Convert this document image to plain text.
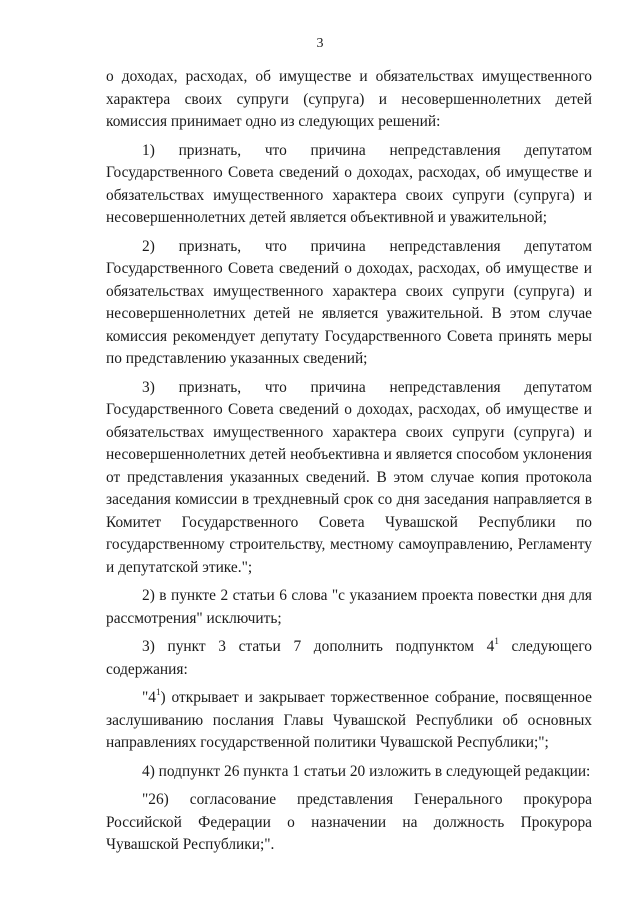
3

о доходах, расходах, об имуществе и обязательствах имущественного характера своих супруги (супруга) и несовершеннолетних детей комиссия принимает одно из следующих решений:

1) признать, что причина непредставления депутатом Государственного Совета сведений о доходах, расходах, об имуществе и обязательствах имущественного характера своих супруги (супруга) и несовершеннолетних детей является объективной и уважительной;

2) признать, что причина непредставления депутатом Государственного Совета сведений о доходах, расходах, об имуществе и обязательствах имущественного характера своих супруги (супруга) и несовершеннолетних детей не является уважительной. В этом случае комиссия рекомендует депутату Государственного Совета принять меры по представлению указанных сведений;

3) признать, что причина непредставления депутатом Государственного Совета сведений о доходах, расходах, об имуществе и обязательствах имущественного характера своих супруги (супруга) и несовершеннолетних детей необъективна и является способом уклонения от представления указанных сведений. В этом случае копия протокола заседания комиссии в трехдневный срок со дня заседания направляется в Комитет Государственного Совета Чувашской Республики по государственному строительству, местному самоуправлению, Регламенту и депутатской этике.";

2) в пункте 2 статьи 6 слова "с указанием проекта повестки дня для рассмотрения" исключить;

3) пункт 3 статьи 7 дополнить подпунктом $4^1$ следующего содержания:

"$4^1$) открывает и закрывает торжественное собрание, посвященное заслушиванию послания Главы Чувашской Республики об основных направлениях государственной политики Чувашской Республики;";

4) подпункт 26 пункта 1 статьи 20 изложить в следующей редакции:

"26) согласование представления Генерального прокурора Российской Федерации о назначении на должность Прокурора Чувашской Республики;".
